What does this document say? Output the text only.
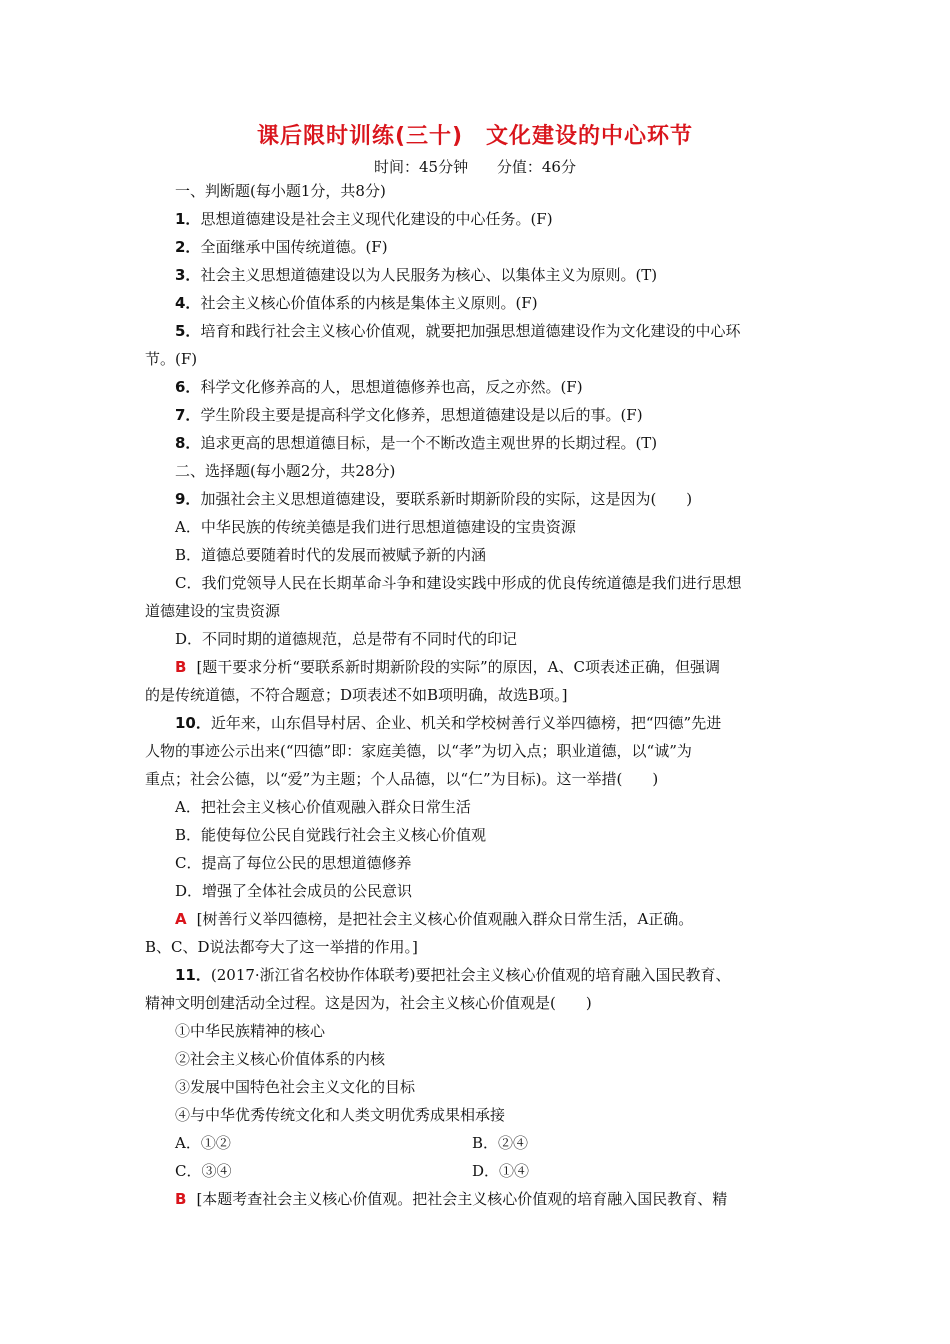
课后限时训练(三十)　文化建设的中心环节
时间：45分钟 分值：46分
一、判断题(每小题1分，共8分)
1．思想道德建设是社会主义现代化建设的中心任务。(F)
2．全面继承中国传统道德。(F)
3．社会主义思想道德建设以为人民服务为核心、以集体主义为原则。(T)
4．社会主义核心价值体系的内核是集体主义原则。(F)
5．培育和践行社会主义核心价值观，就要把加强思想道德建设作为文化建设的中心环
节。(F)
6．科学文化修养高的人，思想道德修养也高，反之亦然。(F)
7．学生阶段主要是提高科学文化修养，思想道德建设是以后的事。(F)
8．追求更高的思想道德目标，是一个不断改造主观世界的长期过程。(T)
二、选择题(每小题2分，共28分)
9．加强社会主义思想道德建设，要联系新时期新阶段的实际，这是因为(　　)
A．中华民族的传统美德是我们进行思想道德建设的宝贵资源
B．道德总要随着时代的发展而被赋予新的内涵
C．我们党领导人民在长期革命斗争和建设实践中形成的优良传统道德是我们进行思想
道德建设的宝贵资源
D．不同时期的道德规范，总是带有不同时代的印记
B [题干要求分析“要联系新时期新阶段的实际”的原因，A、C项表述正确，但强调
的是传统道德，不符合题意；D项表述不如B项明确，故选B项。]
10．近年来，山东倡导村居、企业、机关和学校树善行义举四德榜，把“四德”先进
人物的事迹公示出来(“四德”即：家庭美德，以“孝”为切入点；职业道德，以“诚”为
重点；社会公德，以“爱”为主题；个人品德，以“仁”为目标)。这一举措(　　)
A．把社会主义核心价值观融入群众日常生活
B．能使每位公民自觉践行社会主义核心价值观
C．提高了每位公民的思想道德修养
D．增强了全体社会成员的公民意识
A [树善行义举四德榜，是把社会主义核心价值观融入群众日常生活，A正确。
B、C、D说法都夸大了这一举措的作用。]
11．(2017·浙江省名校协作体联考)要把社会主义核心价值观的培育融入国民教育、
精神文明创建活动全过程。这是因为，社会主义核心价值观是(　　)
①中华民族精神的核心
②社会主义核心价值体系的内核
③发展中国特色社会主义文化的目标
④与中华优秀传统文化和人类文明优秀成果相承接
A．①②	B．②④
C．③④	D．①④
B [本题考查社会主义核心价值观。把社会主义核心价值观的培育融入国民教育、精
